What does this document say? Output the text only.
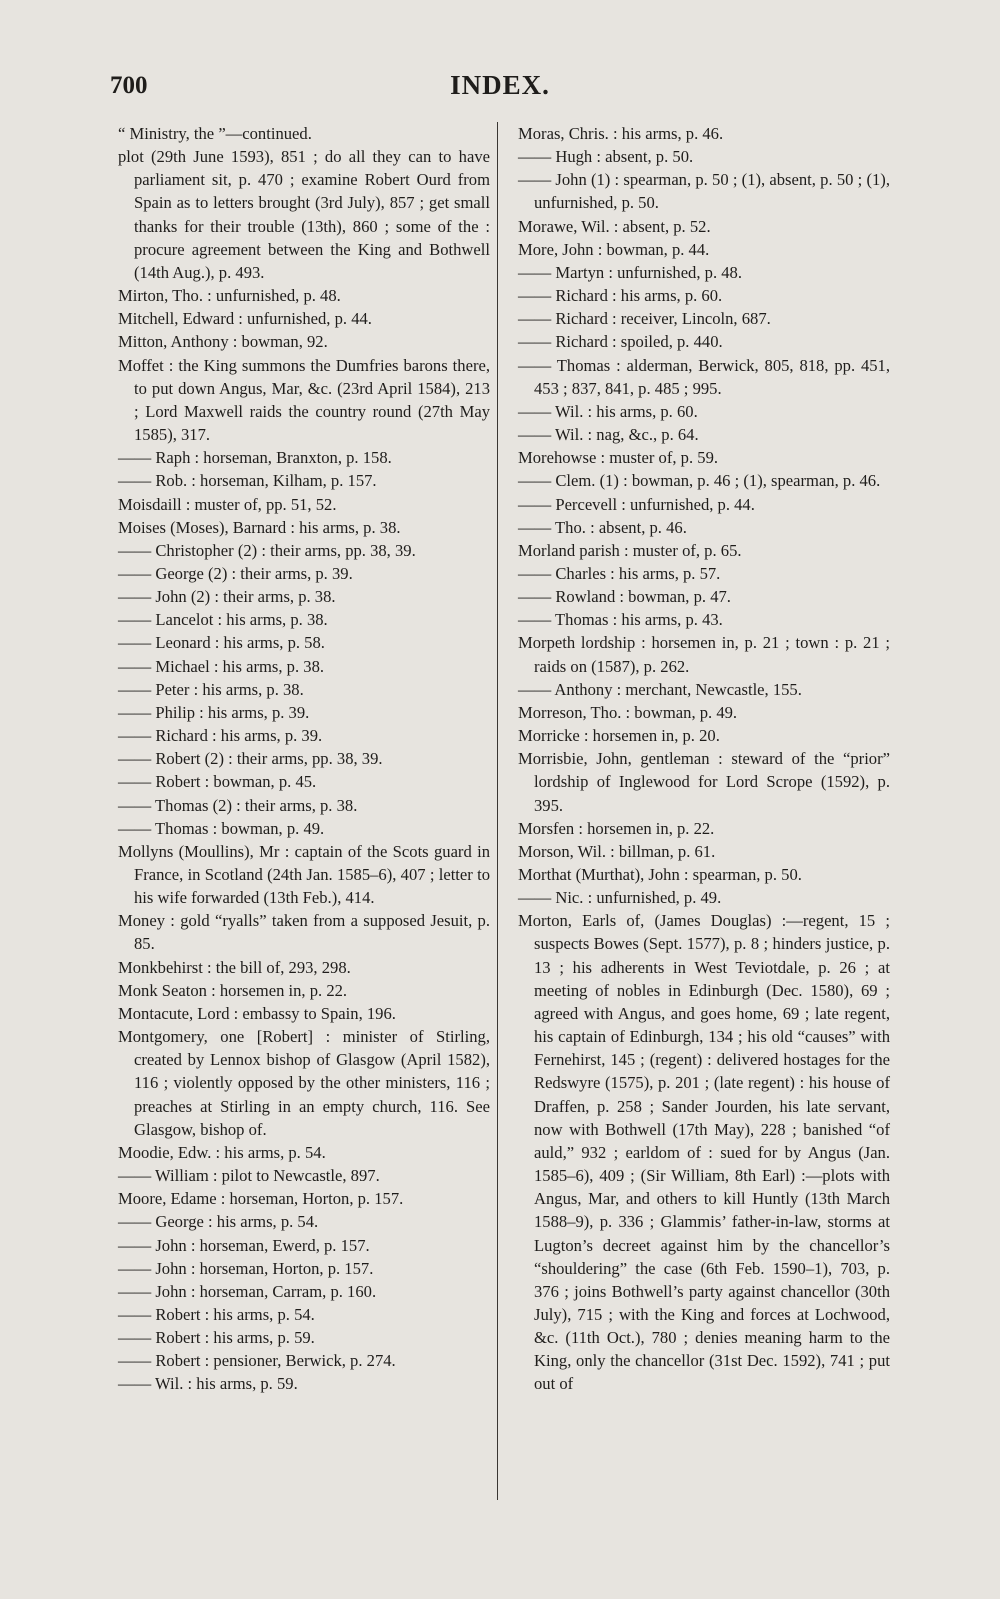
700	INDEX.

“ Ministry, the ”—continued.

plot (29th June 1593), 851 ; do all they can to have parliament sit, p. 470 ; examine Robert Ourd from Spain as to letters brought (3rd July), 857 ; get small thanks for their trouble (13th), 860 ; some of the : procure agreement between the King and Bothwell (14th Aug.), p. 493.

Mirton, Tho. : unfurnished, p. 48.

Mitchell, Edward : unfurnished, p. 44.

Mitton, Anthony : bowman, 92.

Moffet : the King summons the Dumfries barons there, to put down Angus, Mar, &c. (23rd April 1584), 213 ; Lord Maxwell raids the country round (27th May 1585), 317.

—— Raph : horseman, Branxton, p. 158.

—— Rob. : horseman, Kilham, p. 157.

Moisdaill : muster of, pp. 51, 52.

Moises (Moses), Barnard : his arms, p. 38.

—— Christopher (2) : their arms, pp. 38, 39.

—— George (2) : their arms, p. 39.

—— John (2) : their arms, p. 38.

—— Lancelot : his arms, p. 38.

—— Leonard : his arms, p. 58.

—— Michael : his arms, p. 38.

—— Peter : his arms, p. 38.

—— Philip : his arms, p. 39.

—— Richard : his arms, p. 39.

—— Robert (2) : their arms, pp. 38, 39.

—— Robert : bowman, p. 45.

—— Thomas (2) : their arms, p. 38.

—— Thomas : bowman, p. 49.

Mollyns (Moullins), Mr : captain of the Scots guard in France, in Scotland (24th Jan. 1585–6), 407 ; letter to his wife forwarded (13th Feb.), 414.

Money : gold “ryalls” taken from a supposed Jesuit, p. 85.

Monkbehirst : the bill of, 293, 298.

Monk Seaton : horsemen in, p. 22.

Montacute, Lord : embassy to Spain, 196.

Montgomery, one [Robert] : minister of Stirling, created by Lennox bishop of Glasgow (April 1582), 116 ; violently opposed by the other ministers, 116 ; preaches at Stirling in an empty church, 116. See Glasgow, bishop of.

Moodie, Edw. : his arms, p. 54.

—— William : pilot to Newcastle, 897.

Moore, Edame : horseman, Horton, p. 157.

—— George : his arms, p. 54.

—— John : horseman, Ewerd, p. 157.

—— John : horseman, Horton, p. 157.

—— John : horseman, Carram, p. 160.

—— Robert : his arms, p. 54.

—— Robert : his arms, p. 59.

—— Robert : pensioner, Berwick, p. 274.

—— Wil. : his arms, p. 59.

Moras, Chris. : his arms, p. 46.

—— Hugh : absent, p. 50.

—— John (1) : spearman, p. 50 ; (1), absent, p. 50 ; (1), unfurnished, p. 50.

Morawe, Wil. : absent, p. 52.

More, John : bowman, p. 44.

—— Martyn : unfurnished, p. 48.

—— Richard : his arms, p. 60.

—— Richard : receiver, Lincoln, 687.

—— Richard : spoiled, p. 440.

—— Thomas : alderman, Berwick, 805, 818, pp. 451, 453 ; 837, 841, p. 485 ; 995.

—— Wil. : his arms, p. 60.

—— Wil. : nag, &c., p. 64.

Morehowse : muster of, p. 59.

—— Clem. (1) : bowman, p. 46 ; (1), spearman, p. 46.

—— Percevell : unfurnished, p. 44.

—— Tho. : absent, p. 46.

Morland parish : muster of, p. 65.

—— Charles : his arms, p. 57.

—— Rowland : bowman, p. 47.

—— Thomas : his arms, p. 43.

Morpeth lordship : horsemen in, p. 21 ; town : p. 21 ; raids on (1587), p. 262.

—— Anthony : merchant, Newcastle, 155.

Morreson, Tho. : bowman, p. 49.

Morricke : horsemen in, p. 20.

Morrisbie, John, gentleman : steward of the “prior” lordship of Inglewood for Lord Scrope (1592), p. 395.

Morsfen : horsemen in, p. 22.

Morson, Wil. : billman, p. 61.

Morthat (Murthat), John : spearman, p. 50.

—— Nic. : unfurnished, p. 49.

Morton, Earls of, (James Douglas) :—regent, 15 ; suspects Bowes (Sept. 1577), p. 8 ; hinders justice, p. 13 ; his adherents in West Teviotdale, p. 26 ; at meeting of nobles in Edinburgh (Dec. 1580), 69 ; agreed with Angus, and goes home, 69 ; late regent, his captain of Edinburgh, 134 ; his old “causes” with Fernehirst, 145 ; (regent) : delivered hostages for the Redswyre (1575), p. 201 ; (late regent) : his house of Draffen, p. 258 ; Sander Jourden, his late servant, now with Bothwell (17th May), 228 ; banished “of auld,” 932 ; earldom of : sued for by Angus (Jan. 1585–6), 409 ; (Sir William, 8th Earl) :—plots with Angus, Mar, and others to kill Huntly (13th March 1588–9), p. 336 ; Glammis’ father-in-law, storms at Lugton’s decreet against him by the chancellor’s “shouldering” the case (6th Feb. 1590–1), 703, p. 376 ; joins Bothwell’s party against chancellor (30th July), 715 ; with the King and forces at Lochwood, &c. (11th Oct.), 780 ; denies meaning harm to the King, only the chancellor (31st Dec. 1592), 741 ; put out of
